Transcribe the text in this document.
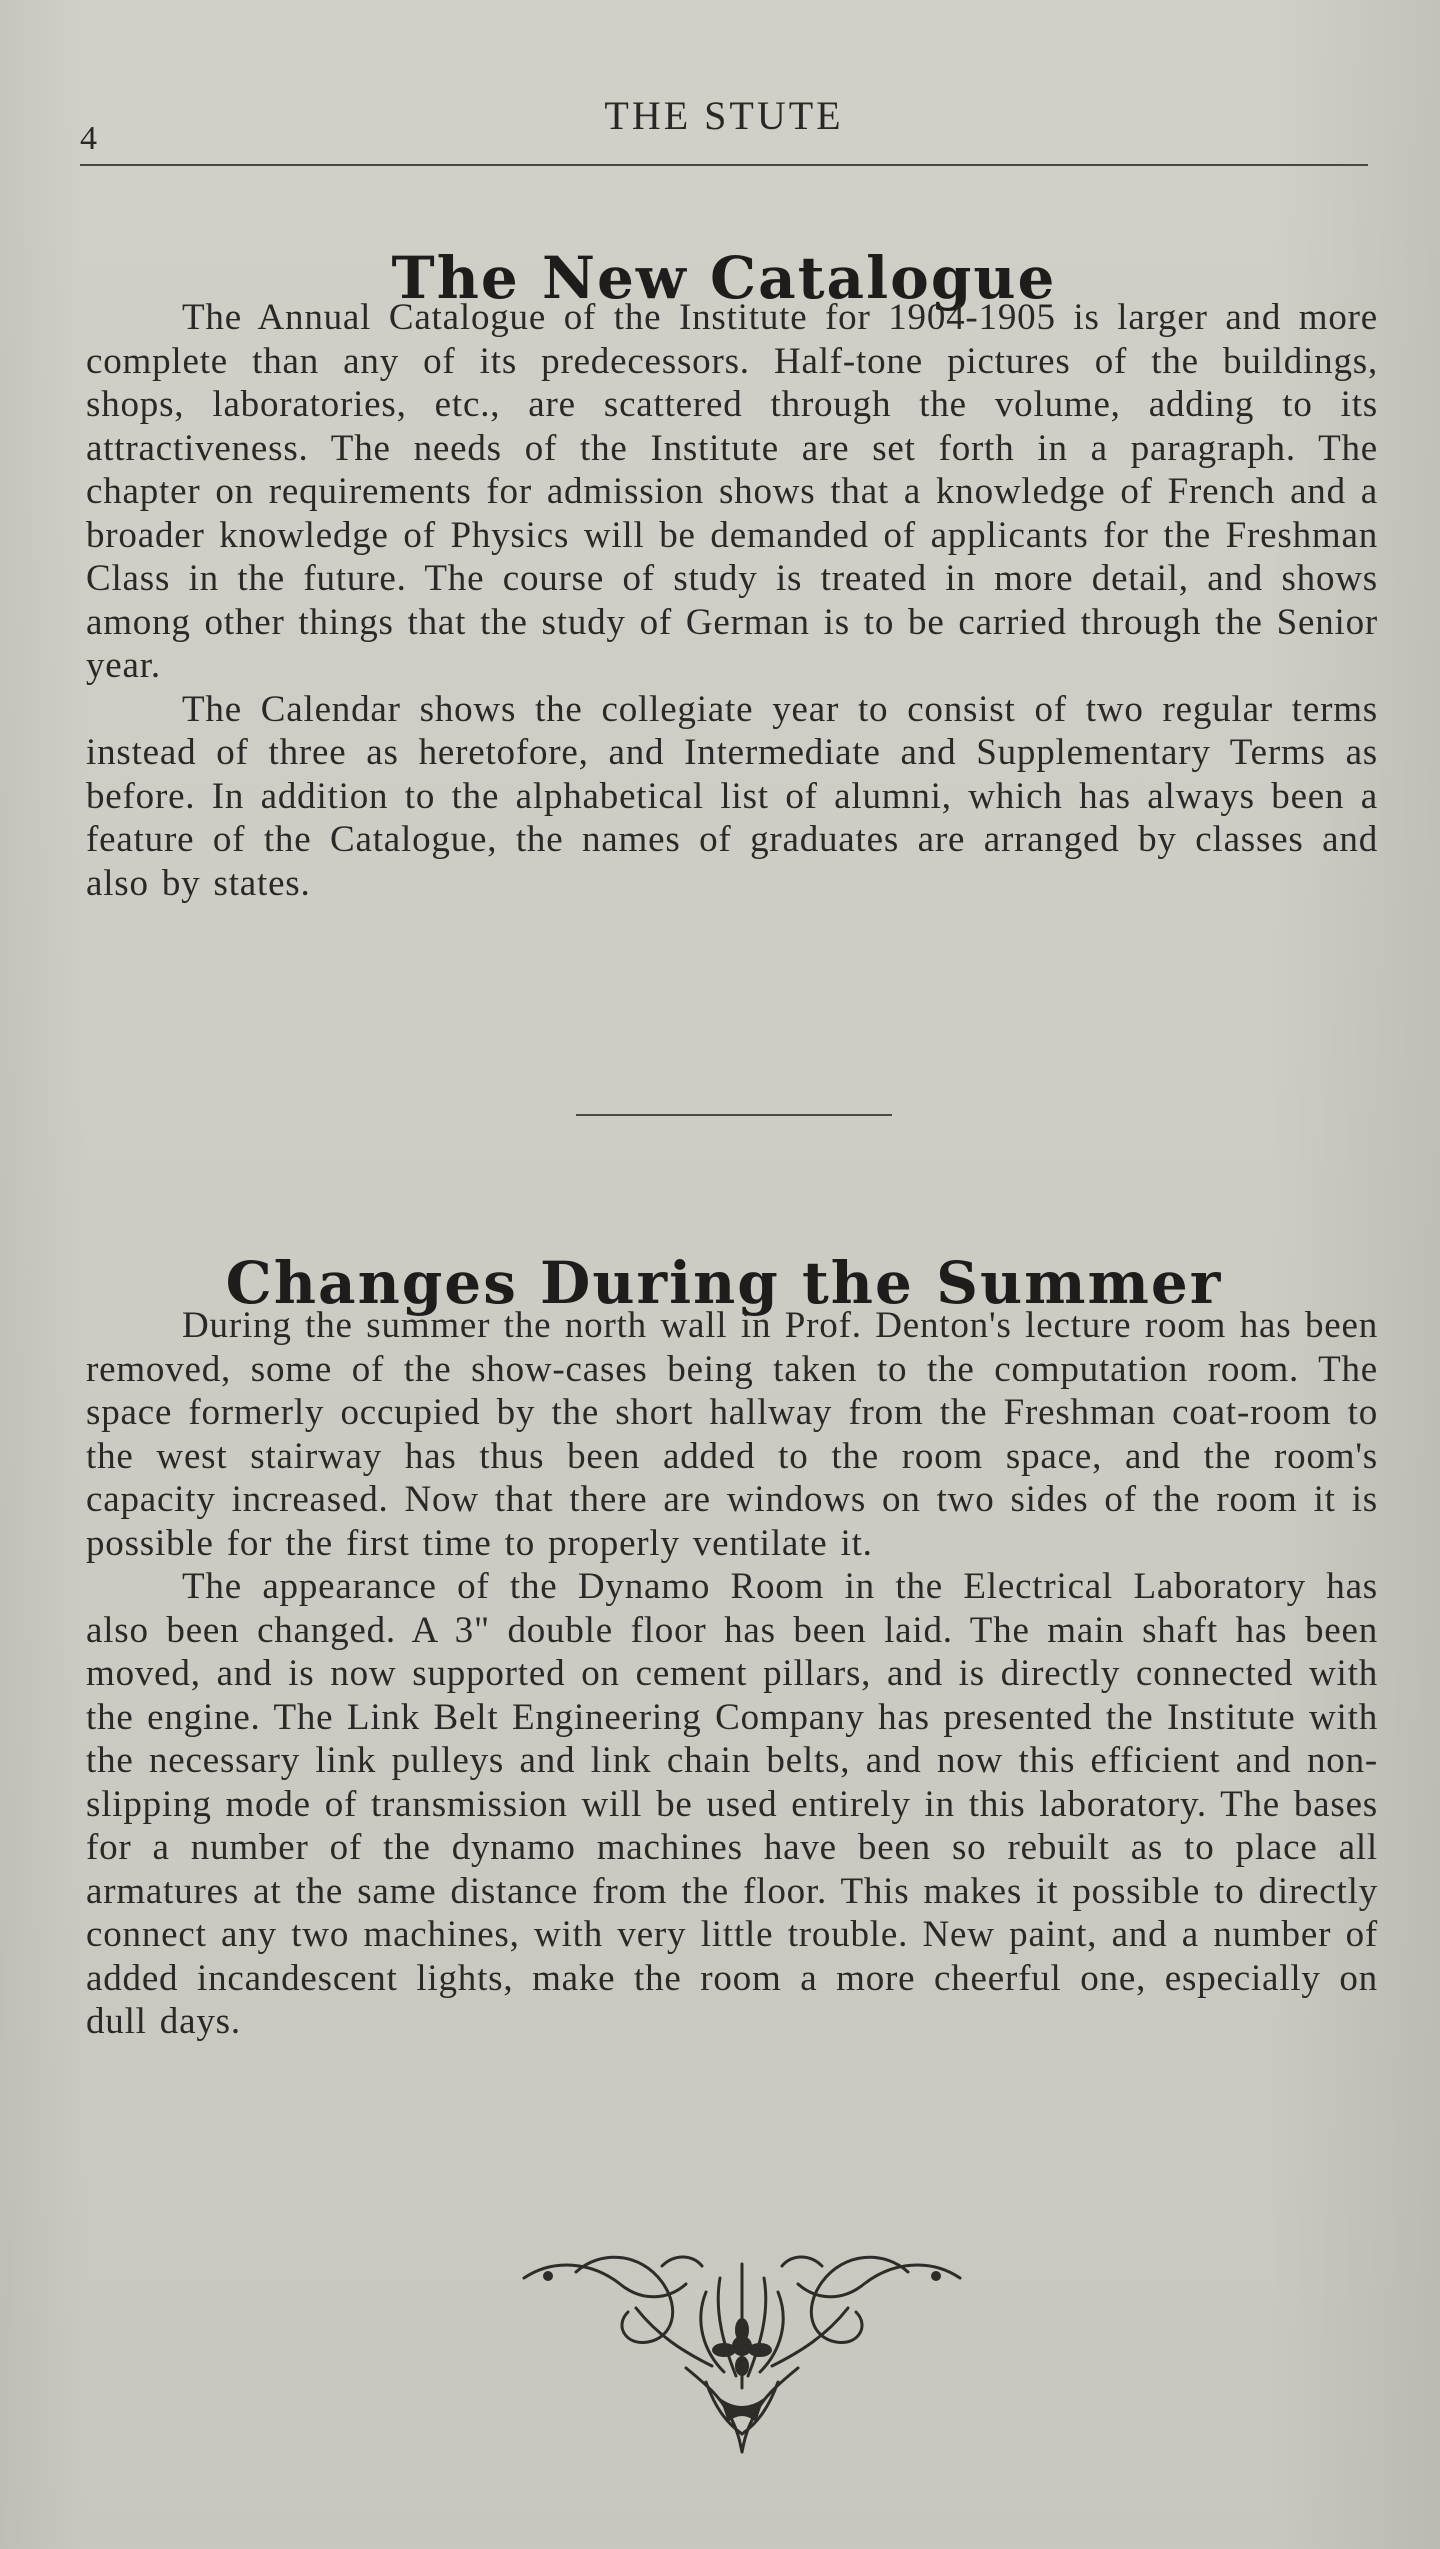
4
THE STUTE
The New Catalogue

The Annual Catalogue of the Institute for 1904-1905 is larger and more complete than any of its predecessors. Half-tone pictures of the buildings, shops, laboratories, etc., are scattered through the volume, adding to its attractiveness. The needs of the Institute are set forth in a paragraph. The chapter on requirements for admission shows that a knowledge of French and a broader knowledge of Physics will be demanded of applicants for the Freshman Class in the future. The course of study is treated in more detail, and shows among other things that the study of German is to be carried through the Senior year.

The Calendar shows the collegiate year to consist of two regular terms instead of three as heretofore, and Intermediate and Supplementary Terms as before. In addition to the alphabetical list of alumni, which has always been a feature of the Catalogue, the names of graduates are arranged by classes and also by states.

Changes During the Summer

During the summer the north wall in Prof. Denton's lecture room has been removed, some of the show-cases being taken to the computation room. The space formerly occupied by the short hallway from the Freshman coat-room to the west stairway has thus been added to the room space, and the room's capacity increased. Now that there are windows on two sides of the room it is possible for the first time to properly ventilate it.

The appearance of the Dynamo Room in the Electrical Laboratory has also been changed. A 3" double floor has been laid. The main shaft has been moved, and is now supported on cement pillars, and is directly connected with the engine. The Link Belt Engineering Company has presented the Institute with the necessary link pulleys and link chain belts, and now this efficient and non-slipping mode of transmission will be used entirely in this laboratory. The bases for a number of the dynamo machines have been so rebuilt as to place all armatures at the same distance from the floor. This makes it possible to directly connect any two machines, with very little trouble. New paint, and a number of added incandescent lights, make the room a more cheerful one, especially on dull days.
